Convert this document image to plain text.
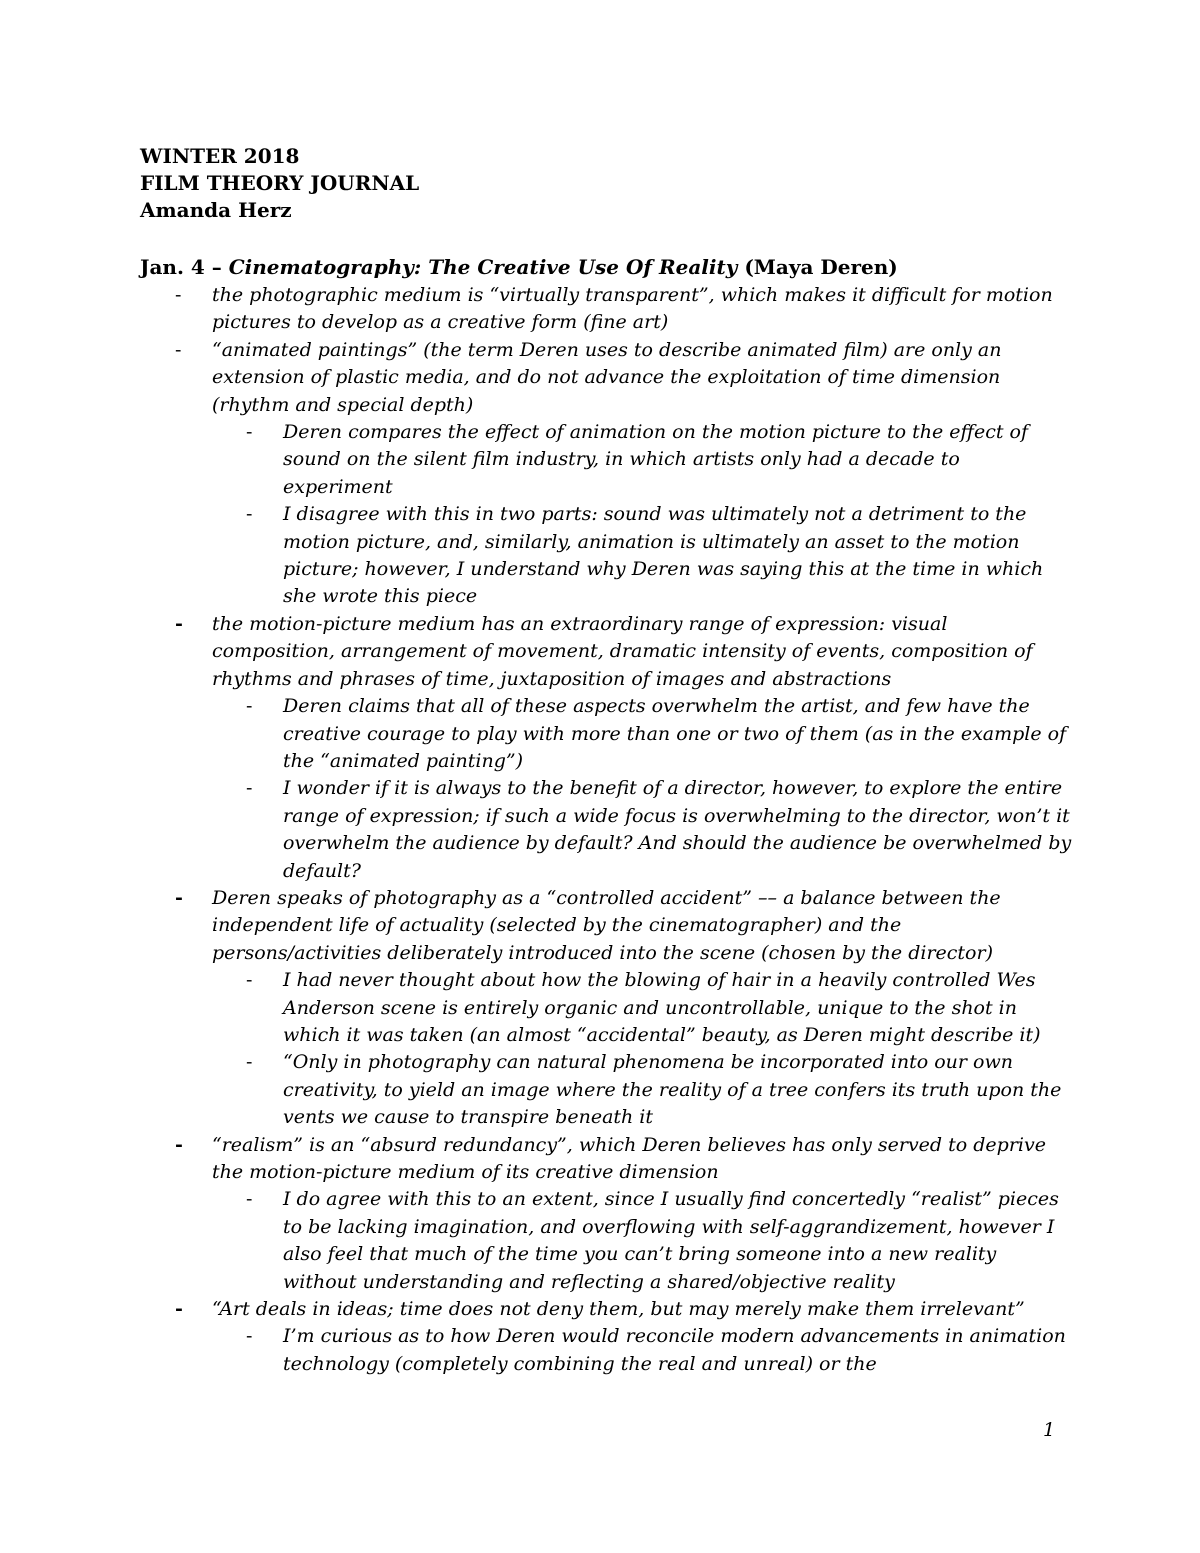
WINTER 2018
FILM THEORY JOURNAL
Amanda Herz
Jan. 4 – Cinematography: The Creative Use Of Reality (Maya Deren)
- the photographic medium is “virtually transparent”, which makes it difficult for motion pictures to develop as a creative form (fine art)
- “animated paintings” (the term Deren uses to describe animated film) are only an extension of plastic media, and do not advance the exploitation of time dimension (rhythm and special depth)
- Deren compares the effect of animation on the motion picture to the effect of sound on the silent film industry, in which artists only had a decade to experiment
- I disagree with this in two parts: sound was ultimately not a detriment to the motion picture, and, similarly, animation is ultimately an asset to the motion picture; however, I understand why Deren was saying this at the time in which she wrote this piece
- the motion-picture medium has an extraordinary range of expression: visual composition, arrangement of movement, dramatic intensity of events, composition of rhythms and phrases of time, juxtaposition of images and abstractions
- Deren claims that all of these aspects overwhelm the artist, and few have the creative courage to play with more than one or two of them (as in the example of the “animated painting”)
- I wonder if it is always to the benefit of a director, however, to explore the entire range of expression; if such a wide focus is overwhelming to the director, won’t it overwhelm the audience by default? And should the audience be overwhelmed by default?
- Deren speaks of photography as a “controlled accident” –– a balance between the independent life of actuality (selected by the cinematographer) and the persons/activities deliberately introduced into the scene (chosen by the director)
- I had never thought about how the blowing of hair in a heavily controlled Wes Anderson scene is entirely organic and uncontrollable, unique to the shot in which it was taken (an almost “accidental” beauty, as Deren might describe it)
- “Only in photography can natural phenomena be incorporated into our own creativity, to yield an image where the reality of a tree confers its truth upon the vents we cause to transpire beneath it
- “realism” is an “absurd redundancy”, which Deren believes has only served to deprive the motion-picture medium of its creative dimension
- I do agree with this to an extent, since I usually find concertedly “realist” pieces to be lacking imagination, and overflowing with self-aggrandizement, however I also feel that much of the time you can’t bring someone into a new reality without understanding and reflecting a shared/objective reality
- “Art deals in ideas; time does not deny them, but may merely make them irrelevant”
- I’m curious as to how Deren would reconcile modern advancements in animation technology (completely combining the real and unreal) or the
1
